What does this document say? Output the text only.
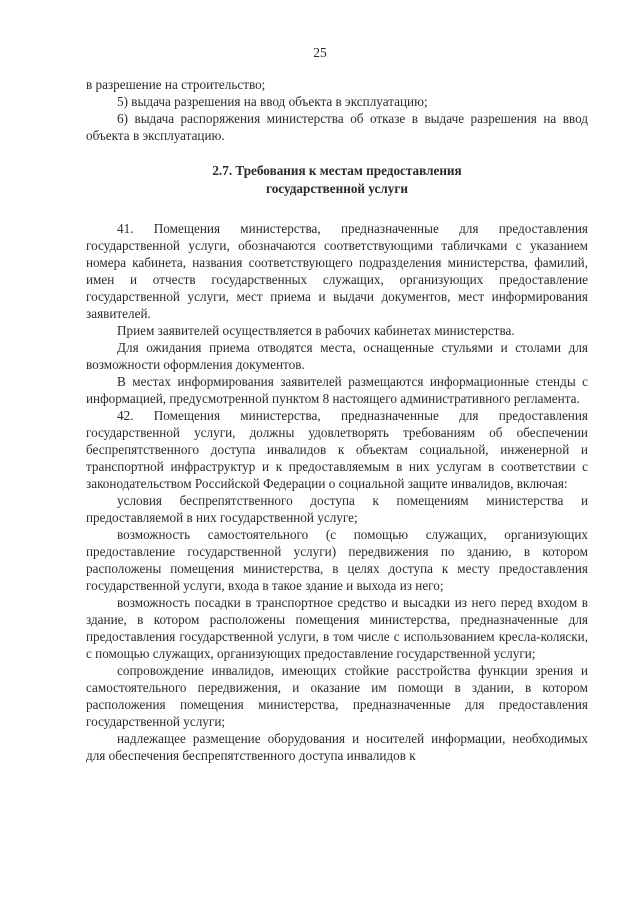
25

в разрешение на строительство;

5) выдача разрешения на ввод объекта в эксплуатацию;

6) выдача распоряжения министерства об отказе в выдаче разрешения на ввод объекта в эксплуатацию.

2.7. Требования к местам предоставления
государственной услуги

41. Помещения министерства, предназначенные для предоставления государственной услуги, обозначаются соответствующими табличками с указанием номера кабинета, названия соответствующего подразделения министерства, фамилий, имен и отчеств государственных служащих, организующих предоставление государственной услуги, мест приема и выдачи документов, мест информирования заявителей.

Прием заявителей осуществляется в рабочих кабинетах министерства.

Для ожидания приема отводятся места, оснащенные стульями и столами для возможности оформления документов.

В местах информирования заявителей размещаются информационные стенды с информацией, предусмотренной пунктом 8 настоящего административного регламента.

42. Помещения министерства, предназначенные для предоставления государственной услуги, должны удовлетворять требованиям об обеспечении беспрепятственного доступа инвалидов к объектам социальной, инженерной и транспортной инфраструктур и к предоставляемым в них услугам в соответствии с законодательством Российской Федерации о социальной защите инвалидов, включая:

условия беспрепятственного доступа к помещениям министерства и предоставляемой в них государственной услуге;

возможность самостоятельного (с помощью служащих, организующих предоставление государственной услуги) передвижения по зданию, в котором расположены помещения министерства, в целях доступа к месту предоставления государственной услуги, входа в такое здание и выхода из него;

возможность посадки в транспортное средство и высадки из него перед входом в здание, в котором расположены помещения министерства, предназначенные для предоставления государственной услуги, в том числе с использованием кресла-коляски, с помощью служащих, организующих предоставление государственной услуги;

сопровождение инвалидов, имеющих стойкие расстройства функции зрения и самостоятельного передвижения, и оказание им помощи в здании, в котором расположения помещения министерства, предназначенные для предоставления государственной услуги;

надлежащее размещение оборудования и носителей информации, необходимых для обеспечения беспрепятственного доступа инвалидов к
